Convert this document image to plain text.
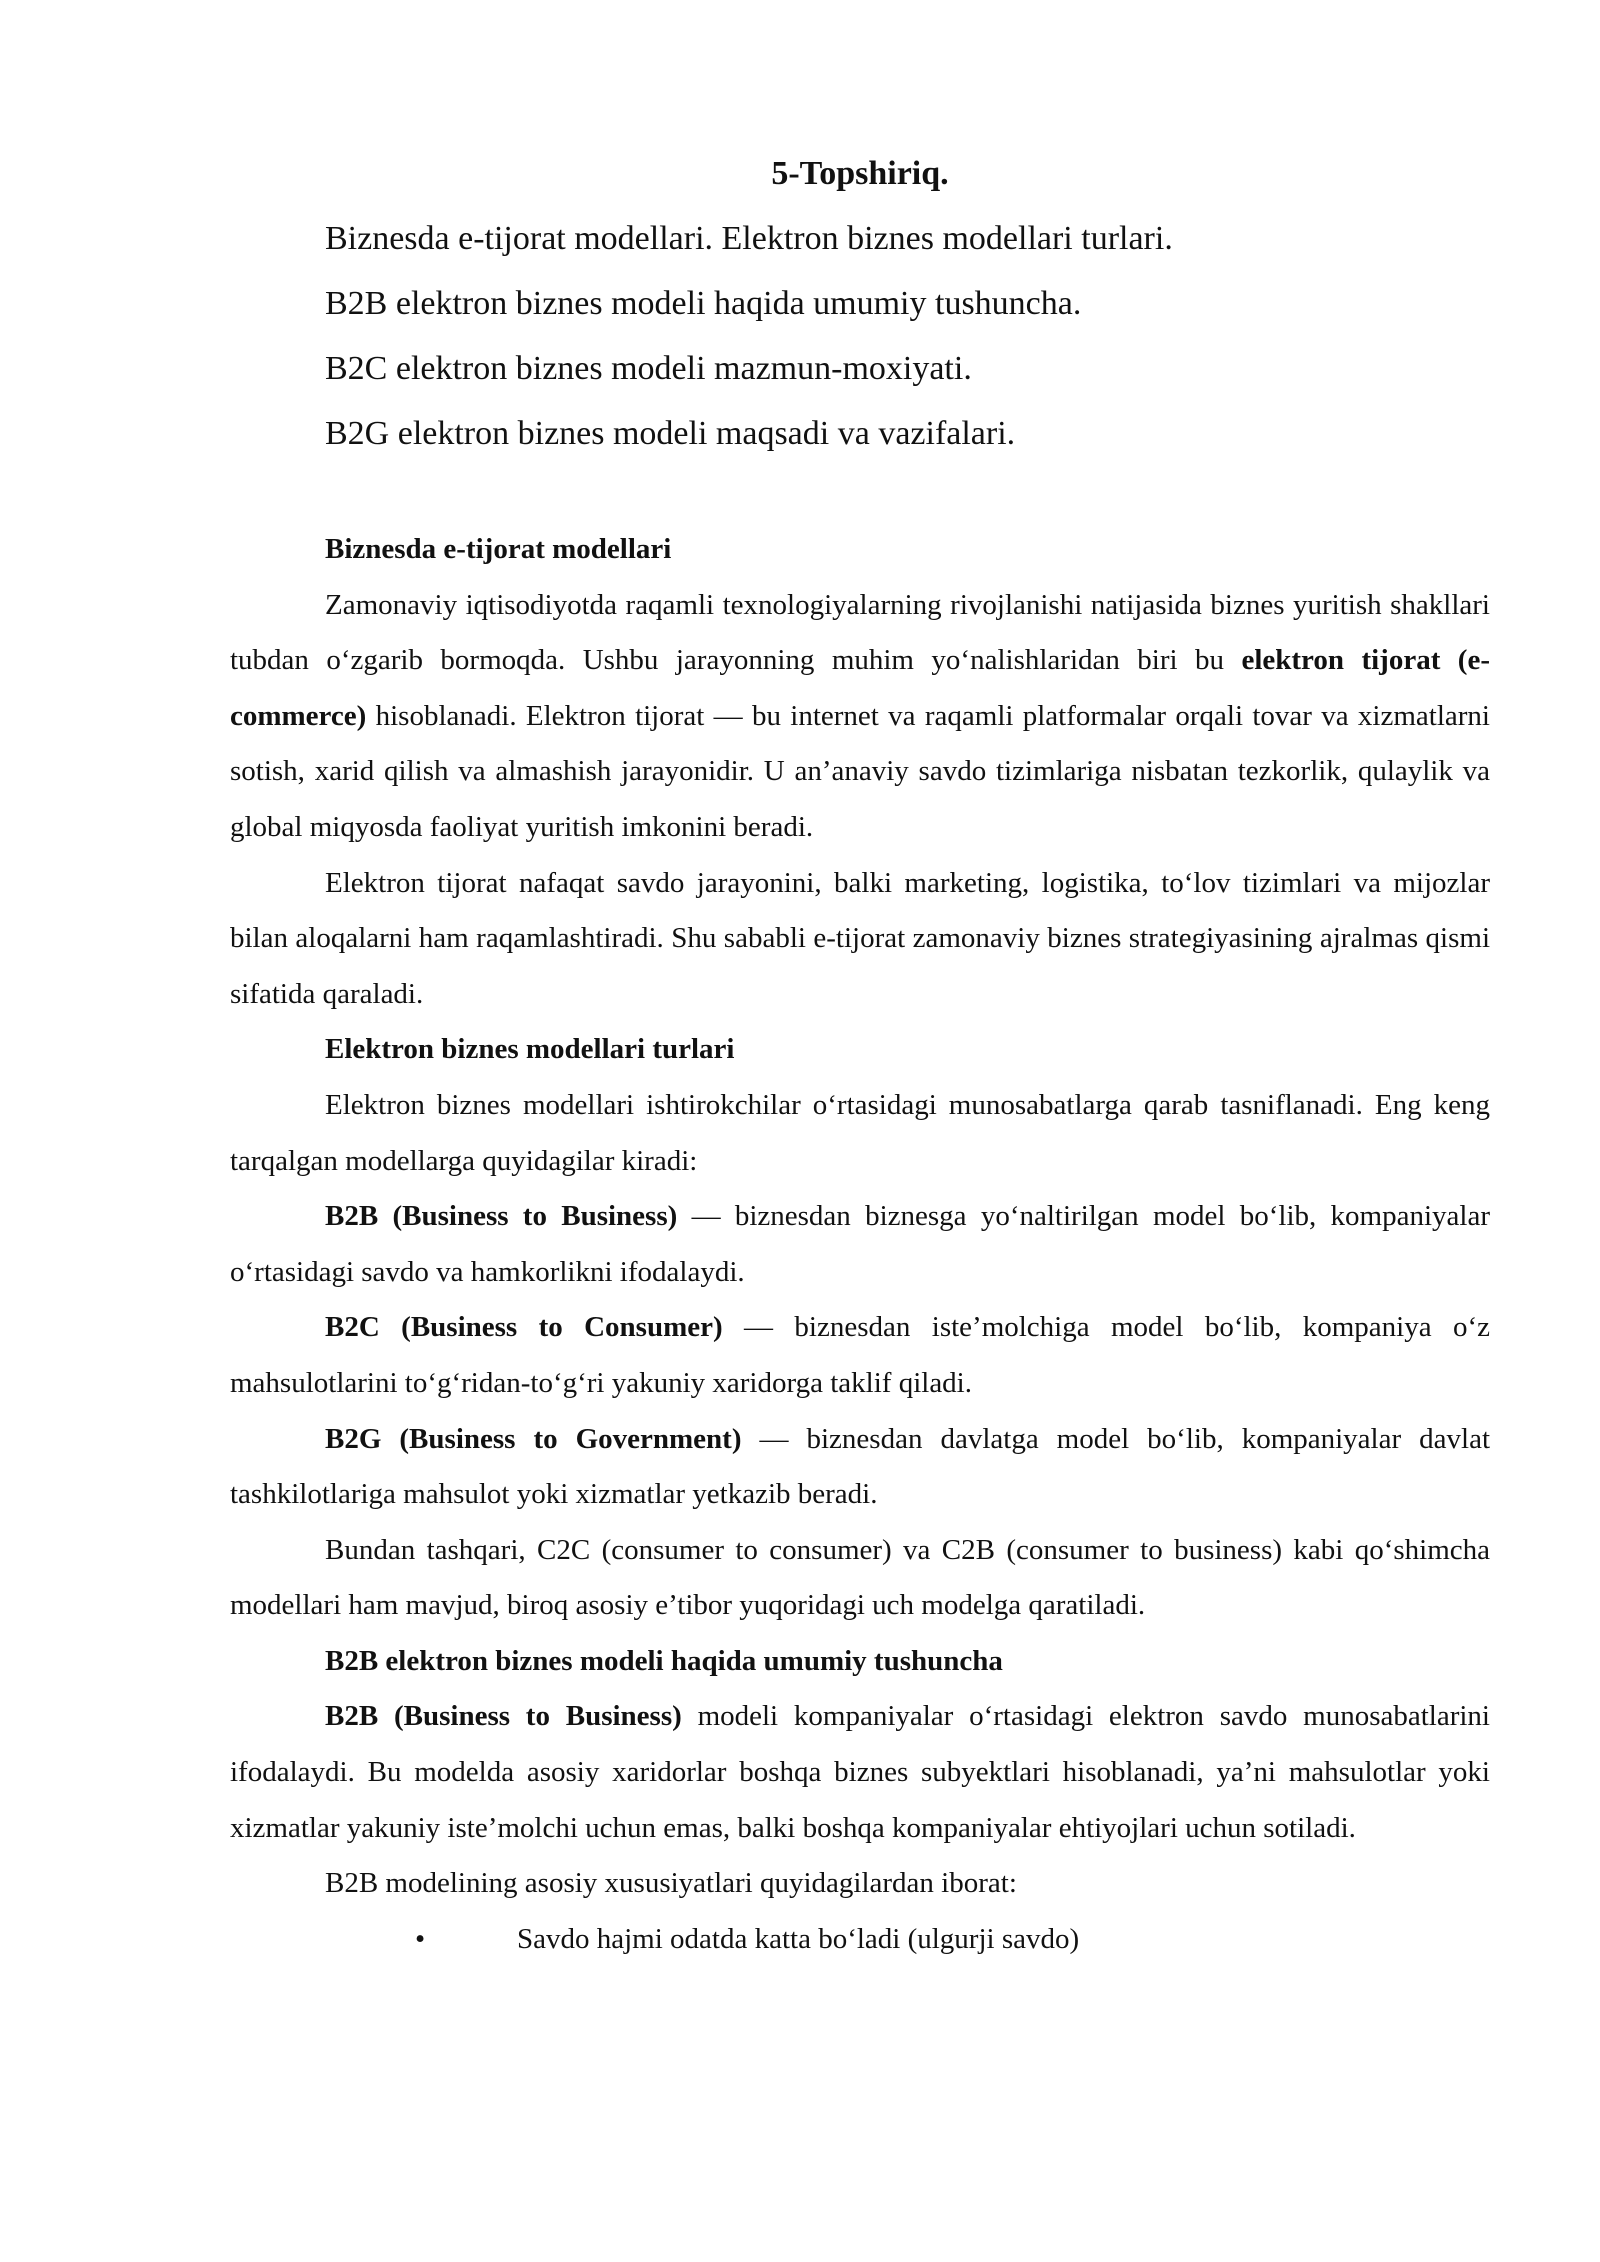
5-Topshiriq.
Biznesda e-tijorat modellari. Elektron biznes modellari turlari.
B2B elektron biznes modeli haqida umumiy tushuncha.
B2C elektron biznes modeli mazmun-moxiyati.
B2G elektron biznes modeli maqsadi va vazifalari.
Biznesda e-tijorat modellari

Zamonaviy iqtisodiyotda raqamli texnologiyalarning rivojlanishi natijasida biznes yuritish shakllari tubdan o‘zgarib bormoqda. Ushbu jarayonning muhim yo‘nalishlaridan biri bu elektron tijorat (e-commerce) hisoblanadi. Elektron tijorat — bu internet va raqamli platformalar orqali tovar va xizmatlarni sotish, xarid qilish va almashish jarayonidir. U an’anaviy savdo tizimlariga nisbatan tezkorlik, qulaylik va global miqyosda faoliyat yuritish imkonini beradi.

Elektron tijorat nafaqat savdo jarayonini, balki marketing, logistika, to‘lov tizimlari va mijozlar bilan aloqalarni ham raqamlashtiradi. Shu sababli e-tijorat zamonaviy biznes strategiyasining ajralmas qismi sifatida qaraladi.

Elektron biznes modellari turlari

Elektron biznes modellari ishtirokchilar o‘rtasidagi munosabatlarga qarab tasniflanadi. Eng keng tarqalgan modellarga quyidagilar kiradi:

B2B (Business to Business) — biznesdan biznesga yo‘naltirilgan model bo‘lib, kompaniyalar o‘rtasidagi savdo va hamkorlikni ifodalaydi.

B2C (Business to Consumer) — biznesdan iste’molchiga model bo‘lib, kompaniya o‘z mahsulotlarini to‘g‘ridan-to‘g‘ri yakuniy xaridorga taklif qiladi.

B2G (Business to Government) — biznesdan davlatga model bo‘lib, kompaniyalar davlat tashkilotlariga mahsulot yoki xizmatlar yetkazib beradi.

Bundan tashqari, C2C (consumer to consumer) va C2B (consumer to business) kabi qo‘shimcha modellari ham mavjud, biroq asosiy e’tibor yuqoridagi uch modelga qaratiladi.

B2B elektron biznes modeli haqida umumiy tushuncha

B2B (Business to Business) modeli kompaniyalar o‘rtasidagi elektron savdo munosabatlarini ifodalaydi. Bu modelda asosiy xaridorlar boshqa biznes subyektlari hisoblanadi, ya’ni mahsulotlar yoki xizmatlar yakuniy iste’molchi uchun emas, balki boshqa kompaniyalar ehtiyojlari uchun sotiladi.

B2B modelining asosiy xususiyatlari quyidagilardan iborat:

•	Savdo hajmi odatda katta bo‘ladi (ulgurji savdo)
